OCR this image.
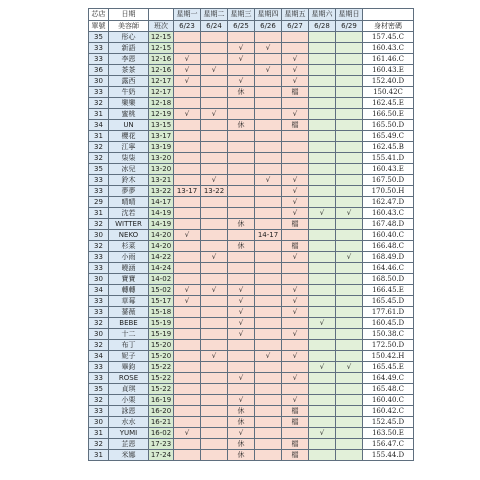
芯店	日期		星期一	星期二	星期三	星期四	星期五	星期六	星期日	
單號	美容師	班次	6/23	6/24	6/25	6/26	6/27	6/28	6/29	身材密碼
35	彤心	12-15								157.45.C
33	新語	12-15			√	√				160.43.C
33	李恩	12-16	√		√		√			161.46.C
36	茶茶	12-16	√	√		√	√			160.43.E
30	露西	12-17	√		√		√			152.40.D
33	牛奶	12-17			休		檔			150.42C
32	樂樂	12-18								162.45.E
31	蜜桃	12-19	√	√			√			166.50.E
34	UN	13-15			休		檔			165.50.D
31	櫻花	13-17								165.49.C
32	江寧	13-19								162.45.B
32	柒柒	13-20								155.41.D
35	冰兒	13-20								160.43.E
33	鈴木	13-21		√		√	√			167.50.D
33	夢夢	13-22	13-17	13-22			√			170.50.H
29	晴晴	14-17					√			162.47.D
31	沈若	14-19					√	√	√	160.43.C
32	WITTER	14-19			休		檔			167.48.D
30	NEKO	14-20	√			14-17				160.40.C
32	杉菜	14-20			休		檔			166.48.C
33	小雨	14-22		√			√		√	168.49.D
33	曉涵	14-24								164.46.C
30	寶寶	14-02								168.50.D
34	轉轉	15-02	√	√	√		√			166.45.E
33	草莓	15-17	√		√		√			165.45.D
33	薔薇	15-18			√		√			177.61.D
32	BEBE	15-19			√			√		160.45.D
30	十二	15-19			√		√			150.38.C
32	布丁	15-20								172.50.D
34	妮子	15-20		√		√	√			150.42.H
33	畢鈞	15-22						√	√	165.45.E
33	ROSE	15-22			√		√			164.49.C
35	貞琪	15-22								165.48.C
32	小栗	16-19			√		√			160.40.C
33	詠恩	16-20			休		檔			160.42.C
30	水水	16-21			休		檔			152.45.D
31	YUMI	16-02	√		√			√		163.50.E
32	芷恩	17-23			休		檔			156.47.C
31	米娜	17-24			休		檔			155.44.D
